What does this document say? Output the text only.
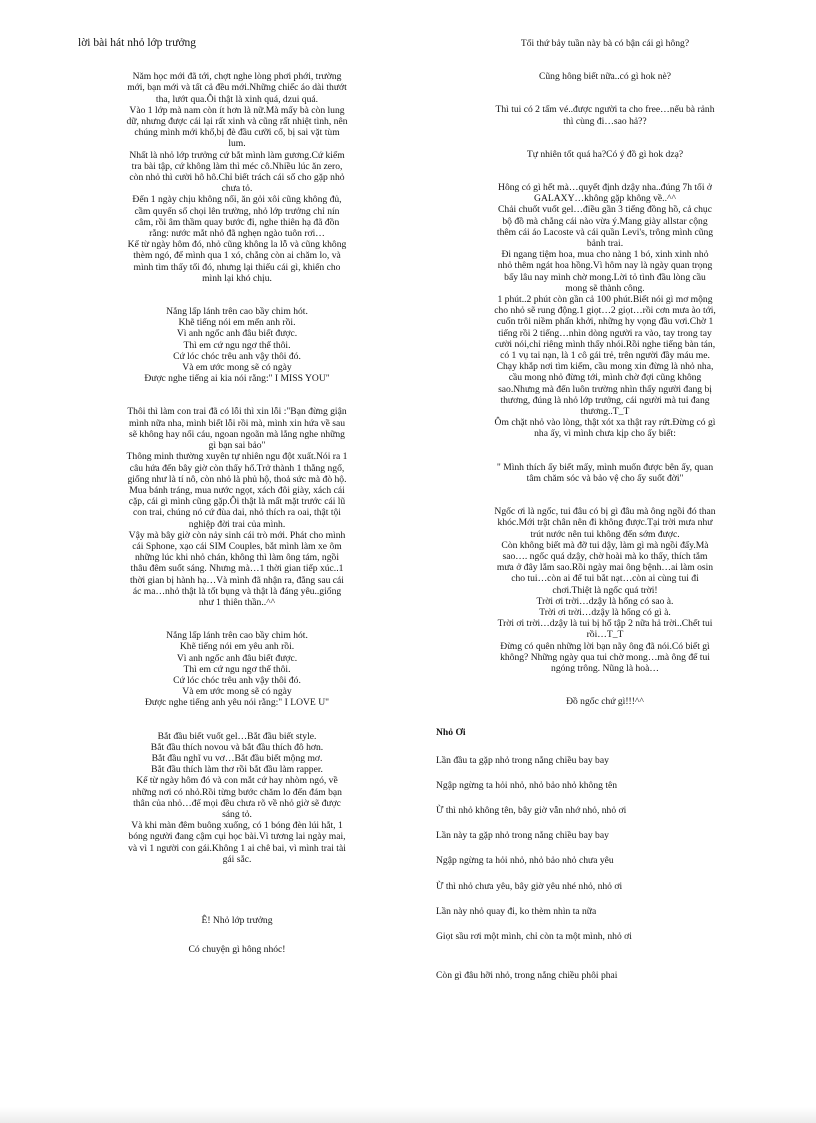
lời bài hát nhỏ lớp trưởng
Năm học mới đã tới, chợt nghe lòng phơi phới, trường
mới, bạn mới và tất cả đều mới.Những chiếc áo dài thướt
tha, lướt qua.Ôi thật là xinh quá, dzui quá.
Vào 1 lớp mà nam còn ít hơn là nữ.Mà mấy bà còn lung
dữ, nhưng được cái lại rất xinh và cũng rất nhiệt tình, nên
chúng mình mới khổ,bị đè đầu cưỡi cổ, bị sai vặt tùm
lum.
Nhất là nhỏ lớp trưởng cứ bắt mình làm gương.Cứ kiểm
tra bài tập, cứ không làm thì méc cô.Nhiều lúc ăn zero,
còn nhỏ thì cười hô hô.Chỉ biết trách cái số cho gặp nhỏ
chưa tỏ.
Đến 1 ngày chịu không nổi, ăn gỏi xôi cũng không đủ,
cầm quyển sổ chọi lên trường, nhỏ lớp trưởng chỉ nín
câm, rồi âm thầm quay bước đi, nghe thiên hạ đã đồn
rằng: nước mắt nhỏ đã nghẹn ngào tuôn rơi…
Kể từ ngày hôm đó, nhỏ cũng không la lỗ và cũng không
thèm ngó, để mình qua 1 xó, chẳng còn ai chăm lo, và
mình tìm thấy tối đó, nhưng lại thiếu cái gì, khiến cho
mình lại khó chịu.
Nắng lấp lánh trên cao bầy chim hót.
Khẽ tiếng nói em mến anh rồi.
Vì anh ngốc anh đâu biết được.
Thì em cứ ngu ngơ thế thôi.
Cứ lóc chóc trêu anh vậy thôi đó.
Và em ước mong sẽ có ngày
Được nghe tiếng ai kia nói rằng:" I MISS YOU"
Thôi thì làm con trai đã có lỗi thì xin lỗi :"Bạn đừng giận
mình nữa nha, mình biết lỗi rồi mà, mình xin hứa về sau
sẽ không hay nổi cáu, ngoan ngoãn mà lắng nghe những
gì bạn sai bảo"
Thông minh thường xuyên tự nhiên ngu đột xuất.Nói ra 1
câu hứa đến bây giờ còn thấy hổ.Trở thành 1 thằng ngố,
giống như là tí nô, còn nhỏ là phủ hộ, thoả sức mà đò hộ.
Mua bánh tráng, mua nước ngọt, xách đôi giày, xách cái
cặp, cái gì mình cũng gặp.Ôi thật là mất mặt trước cái lũ
con trai, chúng nó cứ đùa dai, nhỏ thích ra oai, thật tội
nghiệp đời trai của mình.
Vậy mà bây giờ còn nảy sinh cái trò mới. Phát cho mình
cái Sphone, xạo cái SIM Couples, bắt mình làm xe ôm
những lúc khi nhỏ chán, không thì làm ông tám, ngồi
thâu đêm suốt sáng. Nhưng mà…1 thời gian tiếp xúc..1
thời gian bị hành hạ…Và mình đã nhận ra, đằng sau cái
ác ma…nhỏ thật là tốt bụng và thật là đáng yêu..giống
như 1 thiên thần..^^
Nắng lấp lánh trên cao bầy chim hót.
Khẽ tiếng nói em yêu anh rồi.
Vì anh ngốc anh đâu biết được.
Thì em cứ ngu ngơ thế thôi.
Cứ lóc chóc trêu anh vậy thôi đó.
Và em ước mong sẽ có ngày
Được nghe tiếng anh yêu nói rằng:" I LOVE U"
Bắt đầu biết vuốt gel…Bắt đầu biết style.
Bắt đầu thích novou và bắt đầu thích đô hơn.
Bắt đầu nghĩ vu vơ…Bắt đầu biết mộng mơ.
Bắt đầu thích làm thơ rồi bắt đầu làm rapper.
Kể từ ngày hôm đó và con mắt cứ hay nhòm ngó, về
những nơi có nhỏ.Rồi từng bước chăm lo đến đám bạn
thân của nhỏ…để mọi đều chưa rõ về nhỏ giờ sẽ được
sáng tỏ.
Và khi màn đêm buông xuống, có 1 bóng đèn lúi hắt, 1
bóng người đang cậm cụi học bài.Vì tương lai ngày mai,
và vì 1 người con gái.Không 1 ai chê bai, vì mình trai tài
gái sắc.
Ê! Nhỏ lớp trưởng
Có chuyện gì hông nhóc!
Tối thứ bảy tuần này bà có bận cái gì hông?
Cũng hông biết nữa..có gì hok nè?
Thì tui có 2 tấm vé..được người ta cho free…nếu bà rảnh thì cùng đi…sao hả??
Tự nhiên tốt quá ha?Có ý đồ gì hok dzạ?
Hông có gì hết mà…quyết định dzậy nha..đúng 7h tối ở
GALAXY…không gặp không về..^^
Chải chuốt vuốt gel…điều gần 3 tiếng đồng hồ, cả chục
bộ đồ mà chẳng cái nào vừa ý.Mang giày allstar cộng
thêm cái áo Lacoste và cái quần Levi's, trông mình cũng
bảnh trai.
Đi ngang tiệm hoa, mua cho nàng 1 bó, xinh xinh nhỏ
nhỏ thêm ngát hoa hồng.Vì hôm nay là ngày quan trọng
bấy lâu nay mình chờ mong.Lời tỏ tình đầu lòng cầu
mong sẽ thành công.
1 phút..2 phút còn gần cả 100 phút.Biết nói gì mơ mộng
cho nhỏ sẽ rung động.1 giọt…2 giọt…rồi cơn mưa ào tới,
cuốn trôi niềm phấn khởi, những hy vọng đầu vơi.Chờ 1
tiếng rồi 2 tiếng…nhìn dòng người ra vào, tay trong tay
cười nói,chỉ riêng mình thấy nhói.Rồi nghe tiếng bàn tán,
có 1 vụ tai nạn, là 1 cô gái trẻ, trên người đầy máu me.
Chạy khắp nơi tìm kiếm, cầu mong xin đừng là nhỏ nha,
cầu mong nhỏ đừng tới, mình chờ đợi cũng không
sao.Nhưng mà đến luôn trường nhìn thấy người đang bị
thương, đúng là nhỏ lớp trưởng, cái người mà tui đang
thương..T_T
Ôm chặt nhỏ vào lòng, thật xót xa thật ray rứt.Đừng có gì
nha ấy, vì mình chưa kịp cho ấy biết:
" Mình thích ấy biết mấy, mình muốn được bên ấy, quan
tâm chăm sóc và bảo vệ cho ấy suốt đời"
Ngốc ơi là ngốc, tui đâu có bị gì đâu mà ông ngồi đó than
khóc.Mới trật chân nên đi không được.Tại trời mưa như
trút nước nên tui không đến sớm được.
Còn không biết mà đỡ tui dậy, làm gì mà ngồi đấy.Mà
sao…. ngốc quá dzậy, chờ hoài mà ko thấy, thích tắm
mưa ở đây lắm sao.Rồi ngày mai ông bệnh…ai làm osin
cho tui…còn ai để tui bắt nạt…còn ai cùng tui đi
chơi.Thiệt là ngốc quá trời!
Trời ơi trời…dzậy là hổng có sao à.
Trời ơi trời…dzậy là hổng có gì à.
Trời ơi trời…dzậy là tui bị hố tập 2 nữa hả trời..Chết tui
rồi…T_T
Đừng có quên những lời bạn nãy ông đã nói.Có biết gì
không? Những ngày qua tui chờ mong…mà ông để tui
ngóng trông. Nũng là hoà…
Đồ ngốc chứ gì!!!^^
Nhỏ Ơi
Lần đầu ta gặp nhỏ trong nắng chiều bay bay
Ngập ngừng ta hỏi nhỏ, nhỏ bảo nhỏ không tên
Ừ thì nhỏ không tên, bây giờ vẫn nhớ nhỏ, nhỏ ơi
Lần này ta gặp nhỏ trong nắng chiều bay bay
Ngập ngừng ta hỏi nhỏ, nhỏ bảo nhỏ chưa yêu
Ừ thì nhỏ chưa yêu, bây giờ yêu nhé nhỏ, nhỏ ơi
Lần này nhỏ quay đi, ko thèm nhìn ta nữa
Giọt sầu rơi một mình, chỉ còn ta một mình, nhỏ ơi
Còn gì đâu hỡi nhỏ, trong nắng chiều phôi phai
